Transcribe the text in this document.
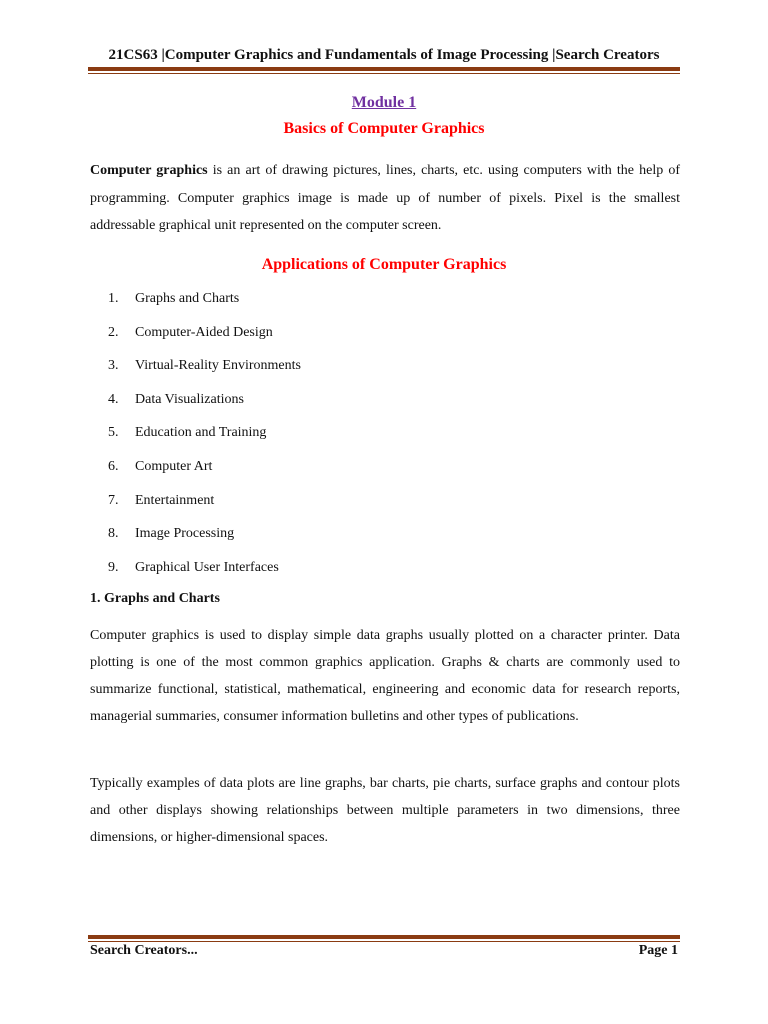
21CS63 |Computer Graphics and Fundamentals of Image Processing |Search Creators
Module 1
Basics of Computer Graphics
Computer graphics is an art of drawing pictures, lines, charts, etc. using computers with the help of programming. Computer graphics image is made up of number of pixels. Pixel is the smallest addressable graphical unit represented on the computer screen.
Applications of Computer Graphics
1.	Graphs and Charts
2.	Computer-Aided Design
3.	Virtual-Reality Environments
4.	Data Visualizations
5.	Education and Training
6.	Computer Art
7.	Entertainment
8.	Image Processing
9.	Graphical User Interfaces
1. Graphs and Charts
Computer graphics is used to display simple data graphs usually plotted on a character printer. Data plotting is one of the most common graphics application. Graphs & charts are commonly used to summarize functional, statistical, mathematical, engineering and economic data for research reports, managerial summaries, consumer information bulletins and other types of publications.
Typically examples of data plots are line graphs, bar charts, pie charts, surface graphs and contour plots and other displays showing relationships between multiple parameters in two dimensions, three dimensions, or higher-dimensional spaces.
Search Creators...	Page 1
